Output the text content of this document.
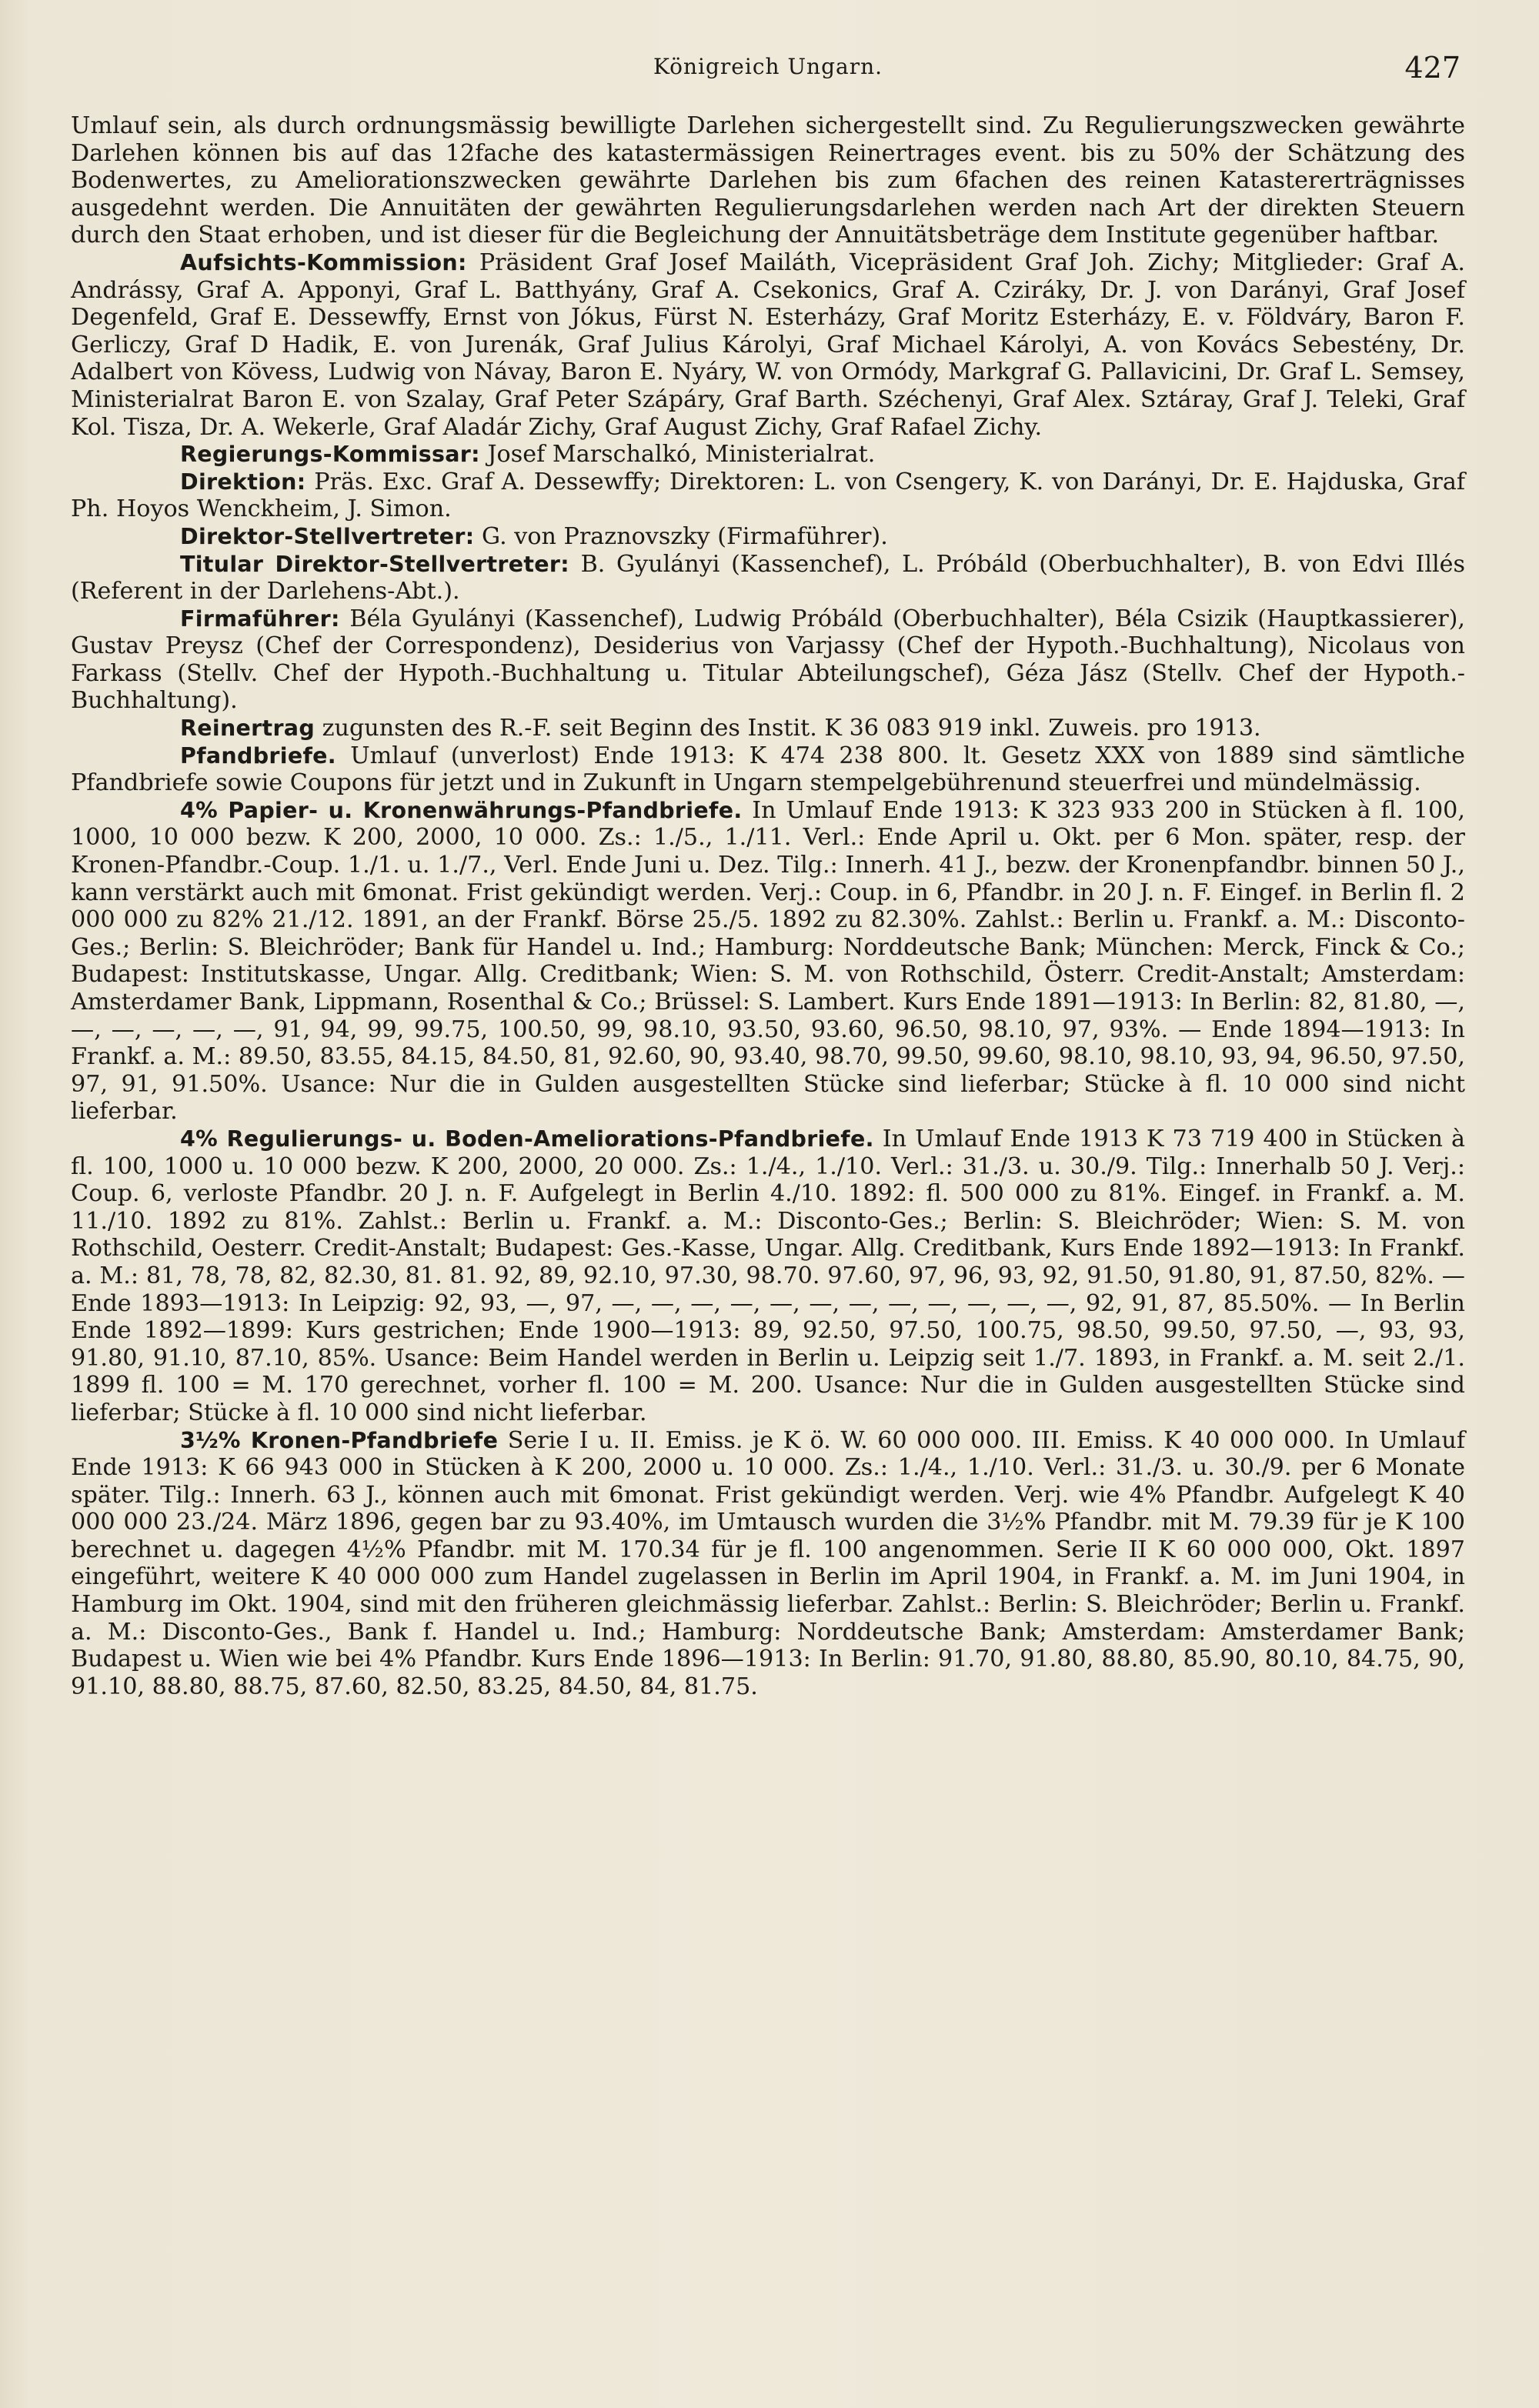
Königreich Ungarn.	427

Umlauf sein, als durch ordnungsmässig bewilligte Darlehen sichergestellt sind. Zu Regulierungszwecken gewährte Darlehen können bis auf das 12fache des katastermässigen Reinertrages event. bis zu 50% der Schätzung des Bodenwertes, zu Ameliorationszwecken gewährte Darlehen bis zum 6fachen des reinen Katastererträgnisses ausgedehnt werden. Die Annuitäten der gewährten Regulierungsdarlehen werden nach Art der direkten Steuern durch den Staat erhoben, und ist dieser für die Begleichung der Annuitätsbeträge dem Institute gegenüber haftbar.

Aufsichts-Kommission: Präsident Graf Josef Mailáth, Vicepräsident Graf Joh. Zichy; Mitglieder: Graf A. Andrássy, Graf A. Apponyi, Graf L. Batthyány, Graf A. Csekonics, Graf A. Cziráky, Dr. J. von Darányi, Graf Josef Degenfeld, Graf E. Dessewffy, Ernst von Jókus, Fürst N. Esterházy, Graf Moritz Esterházy, E. v. Földváry, Baron F. Gerliczy, Graf D Hadik, E. von Jurenák, Graf Julius Károlyi, Graf Michael Károlyi, A. von Kovács Sebestény, Dr. Adalbert von Kövess, Ludwig von Návay, Baron E. Nyáry, W. von Ormódy, Markgraf G. Pallavicini, Dr. Graf L. Semsey, Ministerialrat Baron E. von Szalay, Graf Peter Szápáry, Graf Barth. Széchenyi, Graf Alex. Sztáray, Graf J. Teleki, Graf Kol. Tisza, Dr. A. Wekerle, Graf Aladár Zichy, Graf August Zichy, Graf Rafael Zichy.

Regierungs-Kommissar: Josef Marschalkó, Ministerialrat.

Direktion: Präs. Exc. Graf A. Dessewffy; Direktoren: L. von Csengery, K. von Darányi, Dr. E. Hajduska, Graf Ph. Hoyos Wenckheim, J. Simon.

Direktor-Stellvertreter: G. von Praznovszky (Firmaführer).

Titular Direktor-Stellvertreter: B. Gyulányi (Kassenchef), L. Próbáld (Oberbuchhalter), B. von Edvi Illés (Referent in der Darlehens-Abt.).

Firmaführer: Béla Gyulányi (Kassenchef), Ludwig Próbáld (Oberbuchhalter), Béla Csizik (Hauptkassierer), Gustav Preysz (Chef der Correspondenz), Desiderius von Varjassy (Chef der Hypoth.-Buchhaltung), Nicolaus von Farkass (Stellv. Chef der Hypoth.-Buchhaltung u. Titular Abteilungschef), Géza Jász (Stellv. Chef der Hypoth.-Buchhaltung).

Reinertrag zugunsten des R.-F. seit Beginn des Instit. K 36 083 919 inkl. Zuweis. pro 1913.

Pfandbriefe. Umlauf (unverlost) Ende 1913: K 474 238 800. lt. Gesetz XXX von 1889 sind sämtliche Pfandbriefe sowie Coupons für jetzt und in Zukunft in Ungarn stempelgebührenund steuerfrei und mündelmässig.

4% Papier- u. Kronenwährungs-Pfandbriefe. In Umlauf Ende 1913: K 323 933 200 in Stücken à fl. 100, 1000, 10 000 bezw. K 200, 2000, 10 000. Zs.: 1./5., 1./11. Verl.: Ende April u. Okt. per 6 Mon. später, resp. der Kronen-Pfandbr.-Coup. 1./1. u. 1./7., Verl. Ende Juni u. Dez. Tilg.: Innerh. 41 J., bezw. der Kronenpfandbr. binnen 50 J., kann verstärkt auch mit 6monat. Frist gekündigt werden. Verj.: Coup. in 6, Pfandbr. in 20 J. n. F. Eingef. in Berlin fl. 2 000 000 zu 82% 21./12. 1891, an der Frankf. Börse 25./5. 1892 zu 82.30%. Zahlst.: Berlin u. Frankf. a. M.: Disconto-Ges.; Berlin: S. Bleichröder; Bank für Handel u. Ind.; Hamburg: Norddeutsche Bank; München: Merck, Finck & Co.; Budapest: Institutskasse, Ungar. Allg. Creditbank; Wien: S. M. von Rothschild, Österr. Credit-Anstalt; Amsterdam: Amsterdamer Bank, Lippmann, Rosenthal & Co.; Brüssel: S. Lambert. Kurs Ende 1891—1913: In Berlin: 82, 81.80, —, —, —, —, —, —, 91, 94, 99, 99.75, 100.50, 99, 98.10, 93.50, 93.60, 96.50, 98.10, 97, 93%. — Ende 1894—1913: In Frankf. a. M.: 89.50, 83.55, 84.15, 84.50, 81, 92.60, 90, 93.40, 98.70, 99.50, 99.60, 98.10, 98.10, 93, 94, 96.50, 97.50, 97, 91, 91.50%. Usance: Nur die in Gulden ausgestellten Stücke sind lieferbar; Stücke à fl. 10 000 sind nicht lieferbar.

4% Regulierungs- u. Boden-Ameliorations-Pfandbriefe. In Umlauf Ende 1913 K 73 719 400 in Stücken à fl. 100, 1000 u. 10 000 bezw. K 200, 2000, 20 000. Zs.: 1./4., 1./10. Verl.: 31./3. u. 30./9. Tilg.: Innerhalb 50 J. Verj.: Coup. 6, verloste Pfandbr. 20 J. n. F. Aufgelegt in Berlin 4./10. 1892: fl. 500 000 zu 81%. Eingef. in Frankf. a. M. 11./10. 1892 zu 81%. Zahlst.: Berlin u. Frankf. a. M.: Disconto-Ges.; Berlin: S. Bleichröder; Wien: S. M. von Rothschild, Oesterr. Credit-Anstalt; Budapest: Ges.-Kasse, Ungar. Allg. Creditbank, Kurs Ende 1892—1913: In Frankf. a. M.: 81, 78, 78, 82, 82.30, 81. 81. 92, 89, 92.10, 97.30, 98.70. 97.60, 97, 96, 93, 92, 91.50, 91.80, 91, 87.50, 82%. — Ende 1893—1913: In Leipzig: 92, 93, —, 97, —, —, —, —, —, —, —, —, —, —, —, —, 92, 91, 87, 85.50%. — In Berlin Ende 1892—1899: Kurs gestrichen; Ende 1900—1913: 89, 92.50, 97.50, 100.75, 98.50, 99.50, 97.50, —, 93, 93, 91.80, 91.10, 87.10, 85%. Usance: Beim Handel werden in Berlin u. Leipzig seit 1./7. 1893, in Frankf. a. M. seit 2./1. 1899 fl. 100 = M. 170 gerechnet, vorher fl. 100 = M. 200. Usance: Nur die in Gulden ausgestellten Stücke sind lieferbar; Stücke à fl. 10 000 sind nicht lieferbar.

3½% Kronen-Pfandbriefe Serie I u. II. Emiss. je K ö. W. 60 000 000. III. Emiss. K 40 000 000. In Umlauf Ende 1913: K 66 943 000 in Stücken à K 200, 2000 u. 10 000. Zs.: 1./4., 1./10. Verl.: 31./3. u. 30./9. per 6 Monate später. Tilg.: Innerh. 63 J., können auch mit 6monat. Frist gekündigt werden. Verj. wie 4% Pfandbr. Aufgelegt K 40 000 000 23./24. März 1896, gegen bar zu 93.40%, im Umtausch wurden die 3½% Pfandbr. mit M. 79.39 für je K 100 berechnet u. dagegen 4½% Pfandbr. mit M. 170.34 für je fl. 100 angenommen. Serie II K 60 000 000, Okt. 1897 eingeführt, weitere K 40 000 000 zum Handel zugelassen in Berlin im April 1904, in Frankf. a. M. im Juni 1904, in Hamburg im Okt. 1904, sind mit den früheren gleichmässig lieferbar. Zahlst.: Berlin: S. Bleichröder; Berlin u. Frankf. a. M.: Disconto-Ges., Bank f. Handel u. Ind.; Hamburg: Norddeutsche Bank; Amsterdam: Amsterdamer Bank; Budapest u. Wien wie bei 4% Pfandbr. Kurs Ende 1896—1913: In Berlin: 91.70, 91.80, 88.80, 85.90, 80.10, 84.75, 90, 91.10, 88.80, 88.75, 87.60, 82.50, 83.25, 84.50, 84, 81.75.
